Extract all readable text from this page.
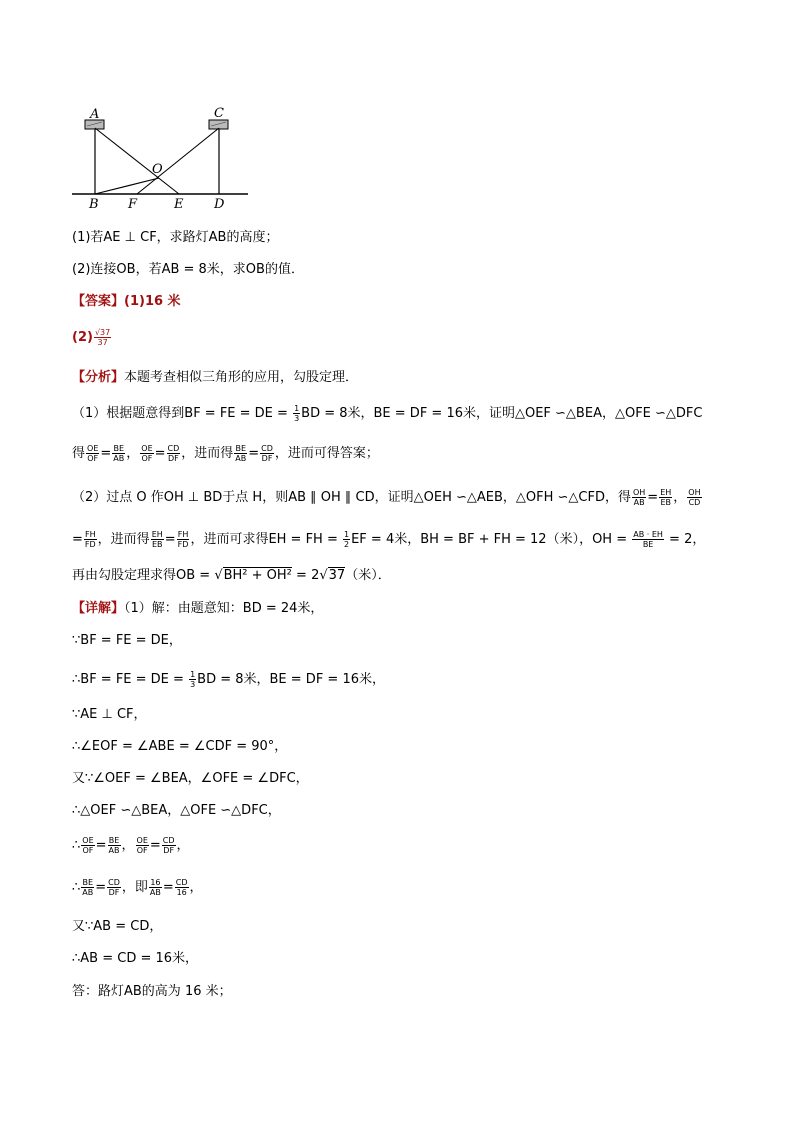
A	C
O
B F	E D
(1)若AE ⊥ CF，求路灯AB的高度；
(2)连接OB，若AB = 8米，求OB的值．
【答案】(1)16 米
$(2) \frac{√37}{37}$
【分析】本题考查相似三角形的应用，勾股定理．
（1）根据题意得到BF = FE = DE = $\frac{1}{3}$ BD = 8米，BE = DF = 16米，证明△OEF ∽△BEA，△OFE ∽△DFC
得 $\frac{OE}{OF} = \frac{BE}{AB}$ ， $\frac{OE}{OF} = \frac{CD}{DF}$ ，进而得 $\frac{BE}{AB} = \frac{CD}{DF}$ ，进而可得答案；
（2）过点 O 作OH ⊥ BD于点 H，则AB ∥ OH ∥ CD，证明△OEH ∽△AEB，△OFH ∽△CFD，得 $\frac{OH}{AB} = \frac{EH}{EB}$ ， $\frac{OH}{CD}$
= $\frac{FH}{FD}$ ，进而得 $\frac{EH}{EB} = \frac{FH}{FD}$ ，进而可求得EH = FH = $\frac{1}{2}$ EF = 4米，BH = BF + FH = 12（米），OH = $\frac{AB \cdot EH}{BE} = 2$，
再由勾股定理求得OB = √BH² + OH² = 2√37（米）．
【详解】（1）解：由题意知：BD = 24米，
∵BF = FE = DE，
∴BF = FE = DE = $\frac{1}{3}$ BD = 8米，BE = DF = 16米，
∵AE ⊥ CF，
∴∠EOF = ∠ABE = ∠CDF = 90°，
又∵∠OEF = ∠BEA，∠OFE = ∠DFC，
∴△OEF ∽△BEA，△OFE ∽△DFC，
∴ $\frac{OE}{OF} = \frac{BE}{AB}$ ， $\frac{OE}{OF} = \frac{CD}{DF}$ ，
∴ $\frac{BE}{AB} = \frac{CD}{DF}$ ，即 $\frac{16}{AB} = \frac{CD}{16}$ ，
又∵AB = CD，
∴AB = CD = 16米，
答：路灯AB的高为 16 米；
